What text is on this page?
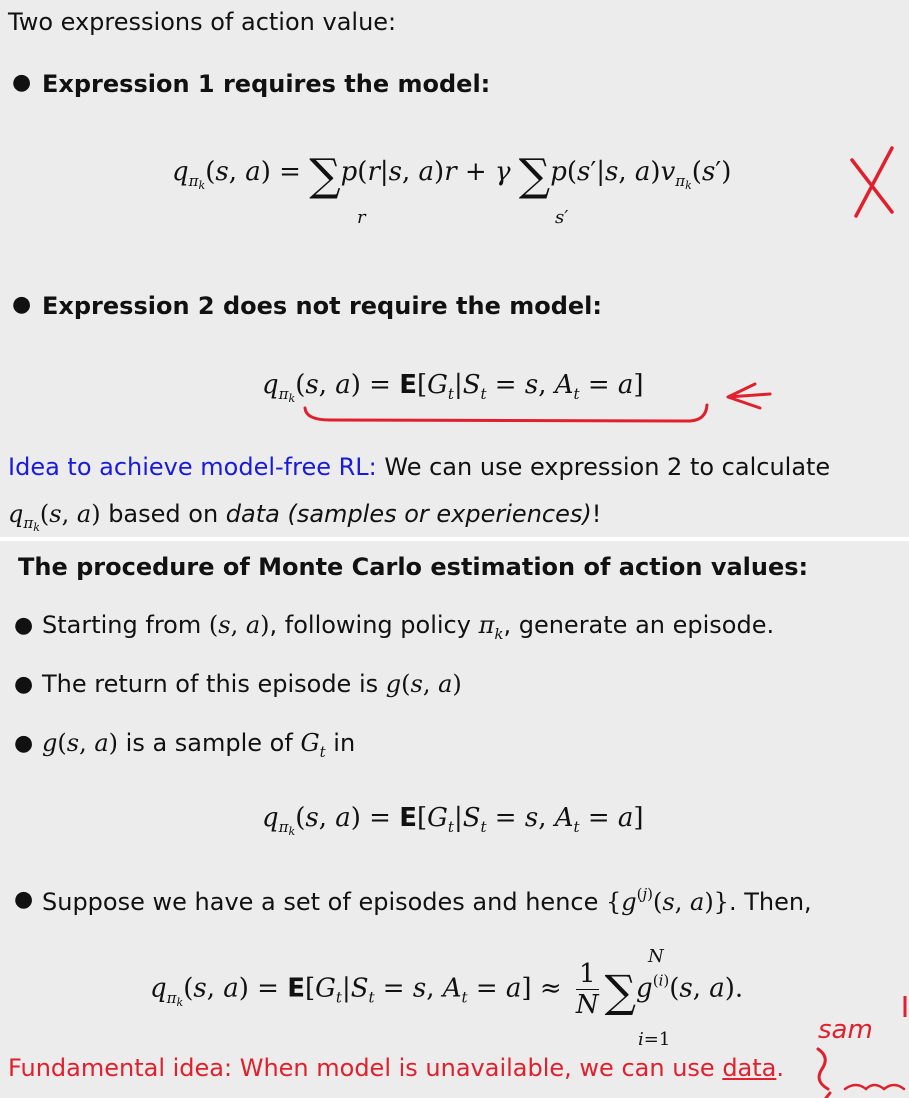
Two expressions of action value:
● Expression 1 requires the model:
$q_{\pi_k}(s$, a) = ∑p(r|s, a)r + γ ∑p(s′|s, $a)v_{\pi_k}(s')$
r	s′
● Expression 2 does not require the model:
$q_{\pi_k}(s$, $a) = E[G_t|S_t = s$, $A_t = a$]
Idea to achieve model-free RL: We can use expression 2 to calculate
$q_{\pi_k}(s$, a) based on data (samples or experiences)!
The procedure of Monte Carlo estimation of action values:
● Starting from (s, a), following policy $\pi_k$, generate an episode.
● The return of this episode is g(s, a)
● g(s, a) is a sample of $G_t$ in
$q_{\pi_k}(s$, $a) = E[G_t|S_t = s$, $A_t = a$]
● Suppose we have a set of episodes and hence {$g^{(j)}(s$, a)}. Then,
$q_{\pi_k}(s$, $a) = E[G_t|S_t = s$, $A_t = a] \approx \frac{1}{N} \sum g^{(i)}(s$, a).
N
i=1
Fundamental idea: When model is unavailable, we can use data.
sam
